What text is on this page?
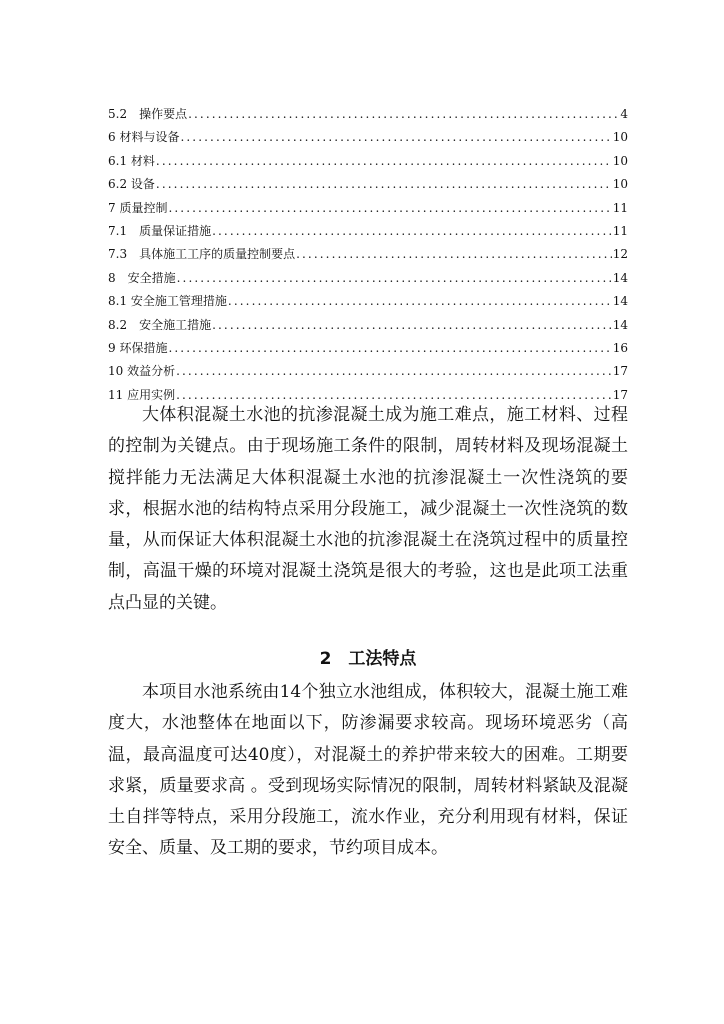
5.2　操作要点 .....	4
6 材料与设备 .....	10
6.1 材料 .....	10
6.2 设备 .....	10
7 质量控制 .....	11
7.1　质量保证措施 .....	11
7.3　具体施工工序的质量控制要点 .....	12
8　安全措施 .....	14
8.1 安全施工管理措施 .....	14
8.2　安全施工措施 .....	14
9 环保措施 .....	16
10 效益分析 .....	17
11 应用实例 .....	17

大体积混凝土水池的抗渗混凝土成为施工难点，施工材料、过程的控制为关键点。由于现场施工条件的限制，周转材料及现场混凝土搅拌能力无法满足大体积混凝土水池的抗渗混凝土一次性浇筑的要求，根据水池的结构特点采用分段施工，减少混凝土一次性浇筑的数量，从而保证大体积混凝土水池的抗渗混凝土在浇筑过程中的质量控制，高温干燥的环境对混凝土浇筑是很大的考验，这也是此项工法重点凸显的关键。

2　工法特点

本项目水池系统由14个独立水池组成，体积较大，混凝土施工难度大，水池整体在地面以下，防渗漏要求较高。现场环境恶劣（高温，最高温度可达40度），对混凝土的养护带来较大的困难。工期要求紧，质量要求高 。受到现场实际情况的限制，周转材料紧缺及混凝土自拌等特点，采用分段施工，流水作业，充分利用现有材料，保证安全、质量、及工期的要求，节约项目成本。
